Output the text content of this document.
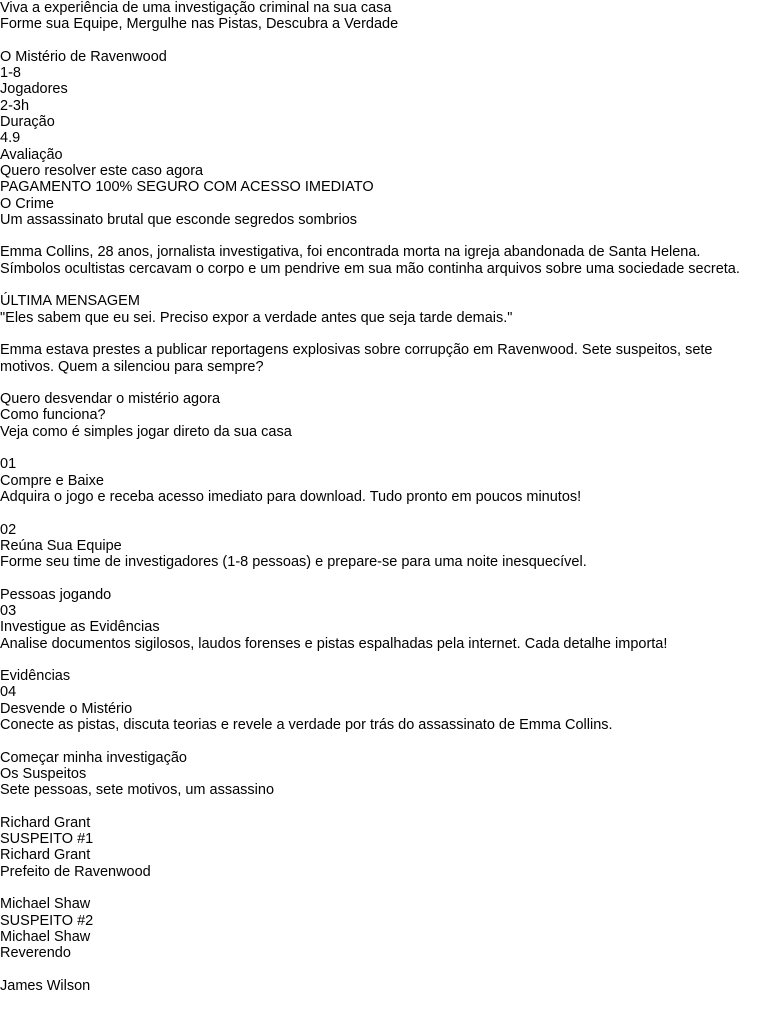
Viva a experiência de uma investigação criminal na sua casa
Forme sua Equipe, Mergulhe nas Pistas, Descubra a Verdade
O Mistério de Ravenwood
1-8
Jogadores
2-3h
Duração
4.9
Avaliação
Quero resolver este caso agora
PAGAMENTO 100% SEGURO COM ACESSO IMEDIATO
O Crime
Um assassinato brutal que esconde segredos sombrios
Emma Collins, 28 anos, jornalista investigativa, foi encontrada morta na igreja abandonada de Santa Helena. Símbolos ocultistas cercavam o corpo e um pendrive em sua mão continha arquivos sobre uma sociedade secreta.
ÚLTIMA MENSAGEM
"Eles sabem que eu sei. Preciso expor a verdade antes que seja tarde demais."
Emma estava prestes a publicar reportagens explosivas sobre corrupção em Ravenwood. Sete suspeitos, sete motivos. Quem a silenciou para sempre?
Quero desvendar o mistério agora
Como funciona?
Veja como é simples jogar direto da sua casa
01
Compre e Baixe
Adquira o jogo e receba acesso imediato para download. Tudo pronto em poucos minutos!
02
Reúna Sua Equipe
Forme seu time de investigadores (1-8 pessoas) e prepare-se para uma noite inesquecível.
Pessoas jogando
03
Investigue as Evidências
Analise documentos sigilosos, laudos forenses e pistas espalhadas pela internet. Cada detalhe importa!
Evidências
04
Desvende o Mistério
Conecte as pistas, discuta teorias e revele a verdade por trás do assassinato de Emma Collins.
Começar minha investigação
Os Suspeitos
Sete pessoas, sete motivos, um assassino
Richard Grant
SUSPEITO #1
Richard Grant
Prefeito de Ravenwood
Michael Shaw
SUSPEITO #2
Michael Shaw
Reverendo
James Wilson
